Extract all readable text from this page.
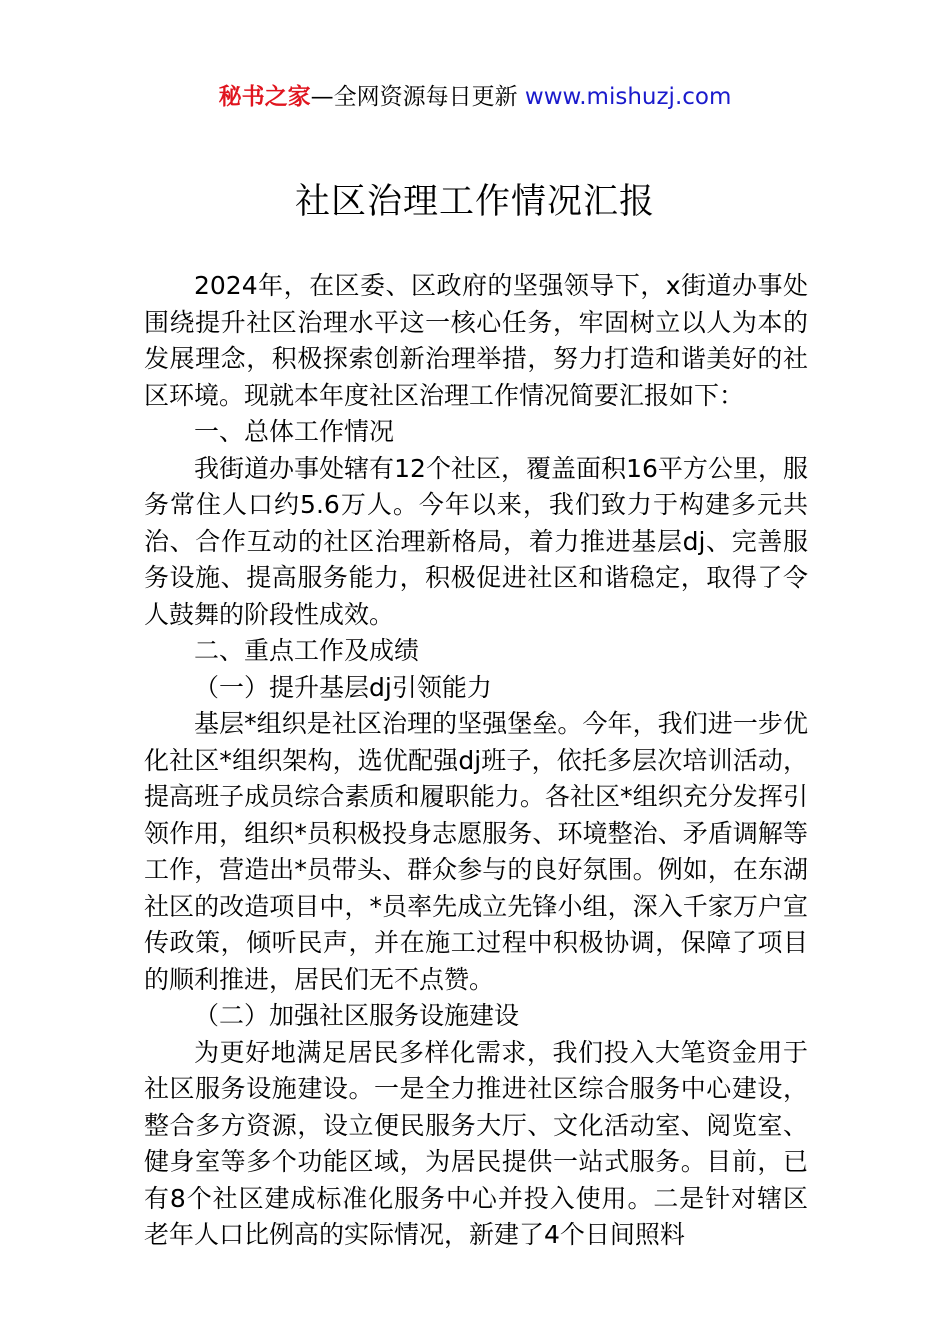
秘书之家—全网资源每日更新 www.mishuzj.com
社区治理工作情况汇报

2024年，在区委、区政府的坚强领导下，x街道办事处围绕提升社区治理水平这一核心任务，牢固树立以人为本的发展理念，积极探索创新治理举措，努力打造和谐美好的社区环境。现就本年度社区治理工作情况简要汇报如下：

一、总体工作情况

我街道办事处辖有12个社区，覆盖面积16平方公里，服务常住人口约5.6万人。今年以来，我们致力于构建多元共治、合作互动的社区治理新格局，着力推进基层dj、完善服务设施、提高服务能力，积极促进社区和谐稳定，取得了令人鼓舞的阶段性成效。

二、重点工作及成绩

（一）提升基层dj引领能力

基层*组织是社区治理的坚强堡垒。今年，我们进一步优化社区*组织架构，选优配强dj班子，依托多层次培训活动，提高班子成员综合素质和履职能力。各社区*组织充分发挥引领作用，组织*员积极投身志愿服务、环境整治、矛盾调解等工作，营造出*员带头、群众参与的良好氛围。例如，在东湖社区的改造项目中，*员率先成立先锋小组，深入千家万户宣传政策，倾听民声，并在施工过程中积极协调，保障了项目的顺利推进，居民们无不点赞。

（二）加强社区服务设施建设

为更好地满足居民多样化需求，我们投入大笔资金用于社区服务设施建设。一是全力推进社区综合服务中心建设，整合多方资源，设立便民服务大厅、文化活动室、阅览室、健身室等多个功能区域，为居民提供一站式服务。目前，已有8个社区建成标准化服务中心并投入使用。二是针对辖区老年人口比例高的实际情况，新建了4个日间照料
